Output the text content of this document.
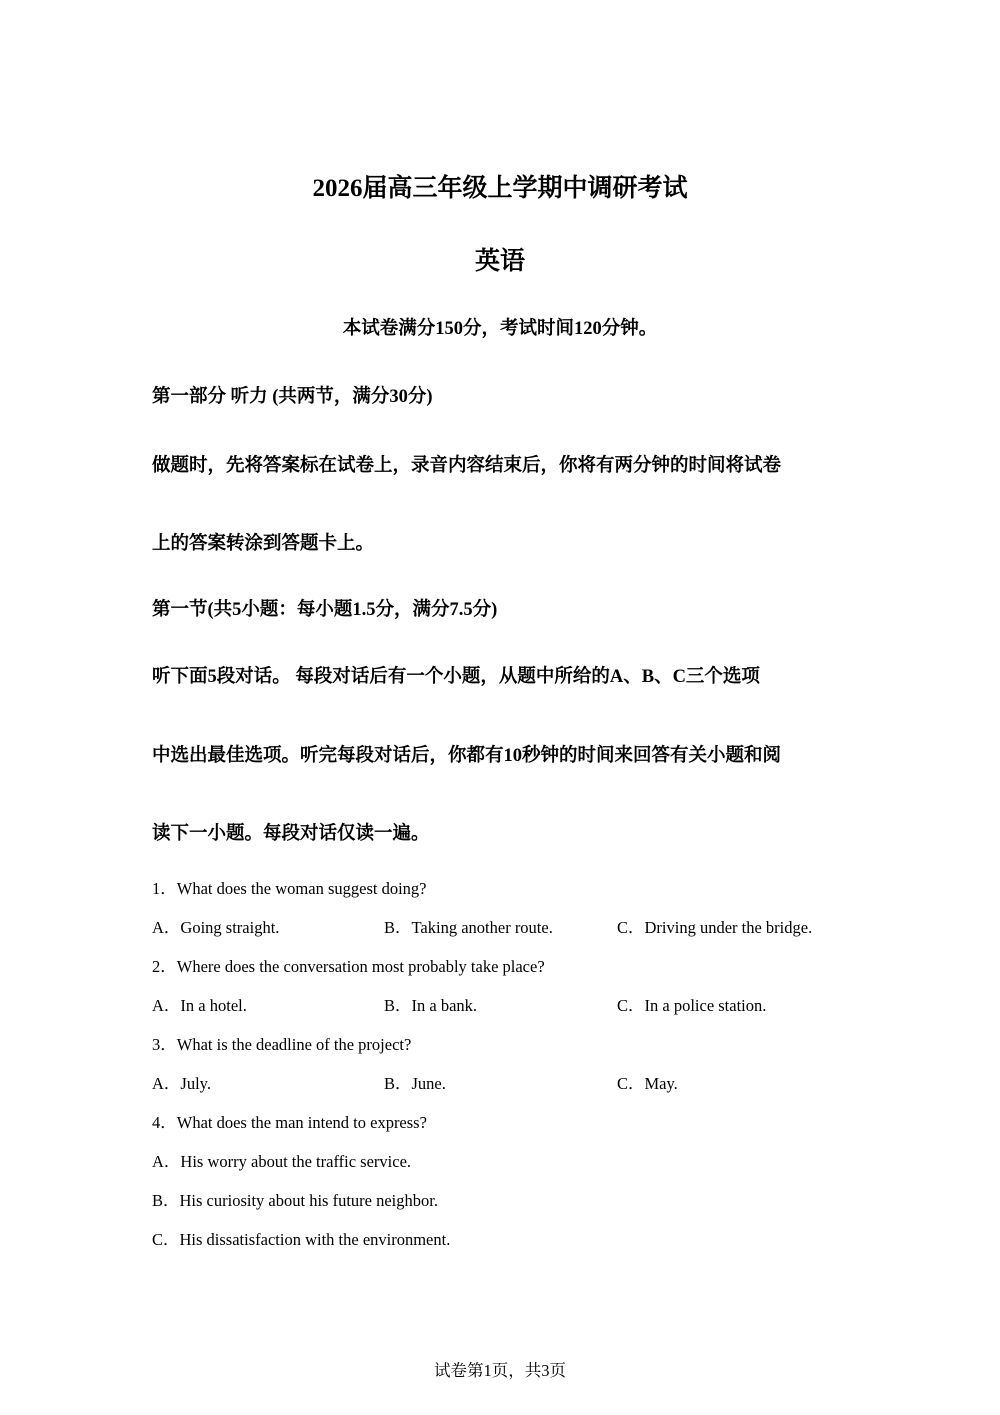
2026届高三年级上学期中调研考试
英语
本试卷满分150分，考试时间120分钟。
第一部分 听力 (共两节，满分30分)
做题时，先将答案标在试卷上，录音内容结束后，你将有两分钟的时间将试卷
上的答案转涂到答题卡上。
第一节(共5小题：每小题1.5分，满分7.5分)
听下面5段对话。 每段对话后有一个小题，从题中所给的A、B、C三个选项
中选出最佳选项。听完每段对话后，你都有10秒钟的时间来回答有关小题和阅
读下一小题。每段对话仅读一遍。
1．What does the woman suggest doing?
A．Going straight.	B．Taking another route.	C．Driving under the bridge.
2．Where does the conversation most probably take place?
A．In a hotel.	B．In a bank.	C．In a police station.
3．What is the deadline of the project?
A．July.	B．June.	C．May.
4．What does the man intend to express?
A．His worry about the traffic service.
B．His curiosity about his future neighbor.
C．His dissatisfaction with the environment.
试卷第1页，共3页
